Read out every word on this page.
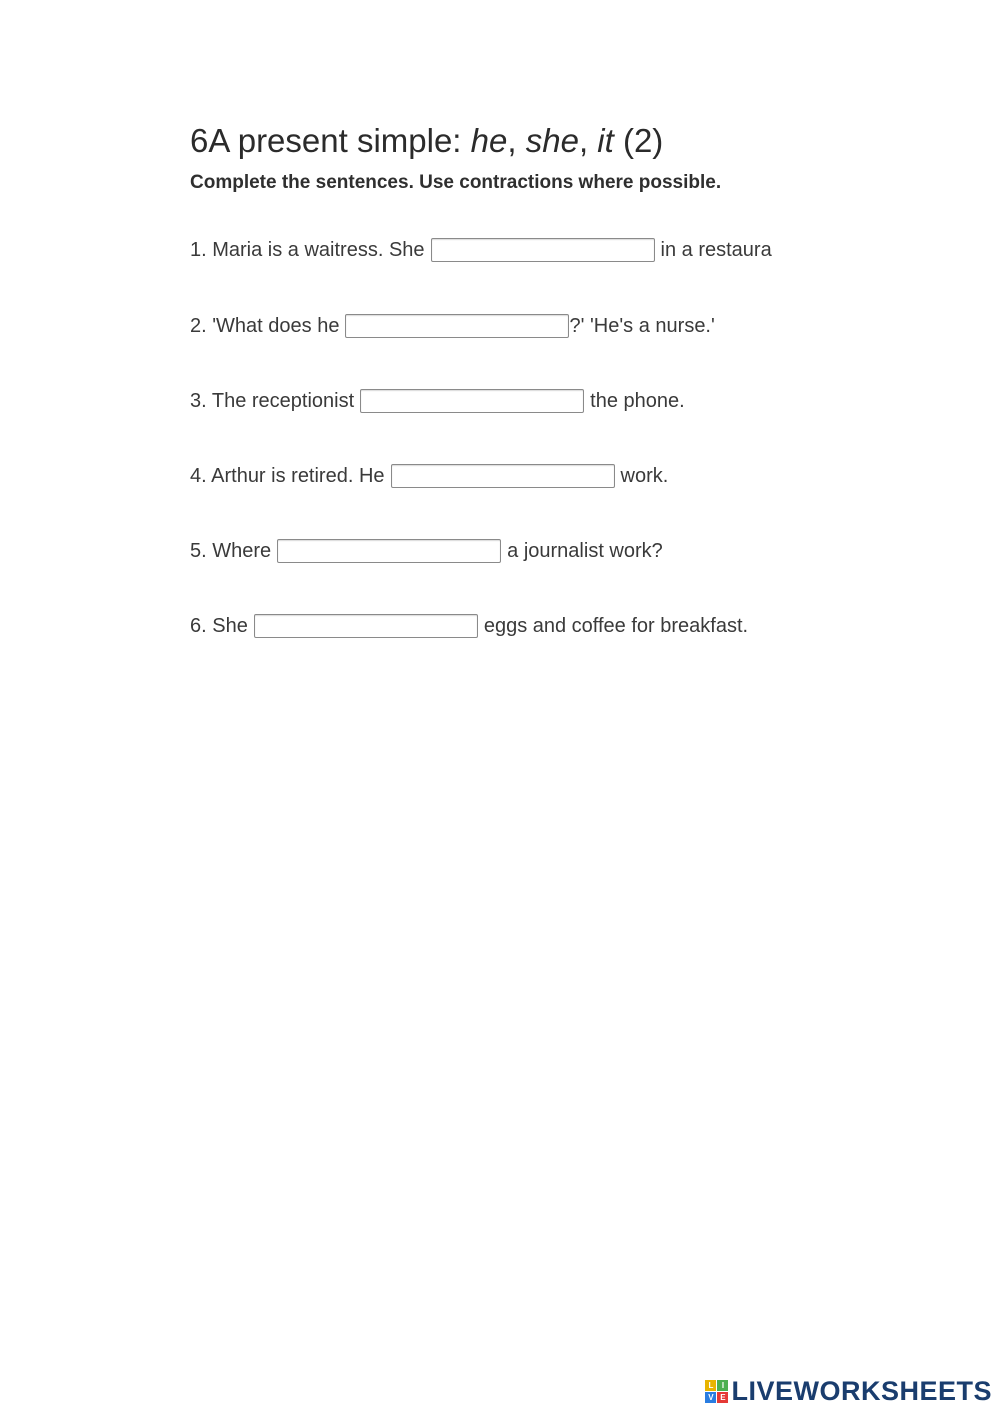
6A present simple: he, she, it (2)
Complete the sentences. Use contractions where possible.
1. Maria is a waitress. She	in a restaura
2. 'What does he	?' 'He's a nurse.'
3. The receptionist	the phone.
4. Arthur is retired. He	work.
5. Where	a journalist work?
6. She	eggs and coffee for breakfast.
L	I
V E LIVEWORKSHEETS
